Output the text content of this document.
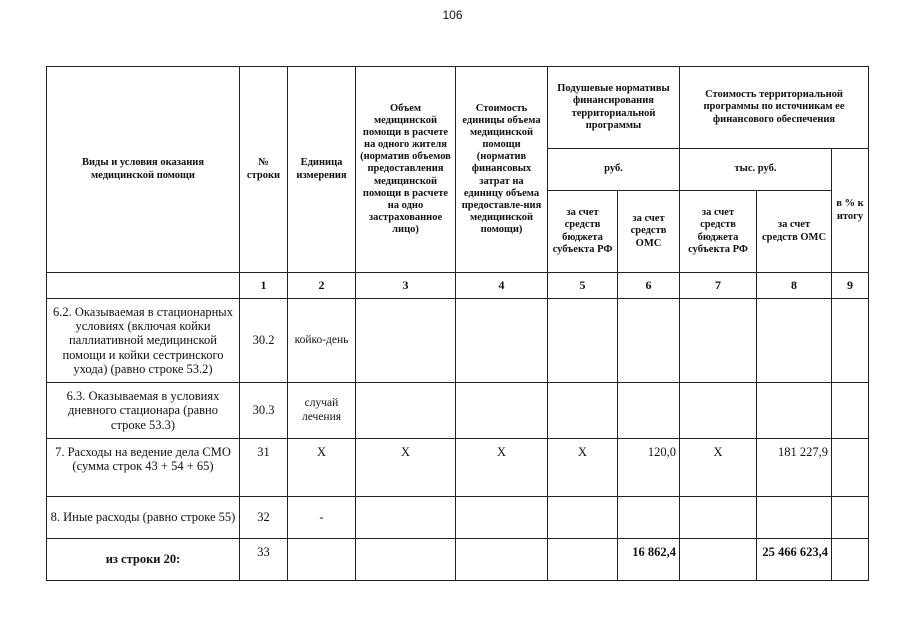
106
Виды и условия оказания медицинской помощи	№ строки	Единица измерения	Объем медицинской помощи в расчете на одного жителя (норматив объемов предоставления медицинской помощи в расчете на одно застрахованное лицо)	Стоимость единицы объема медицинской помощи (норматив финансовых затрат на единицу объема предоставле-ния медицинской помощи)	Подушевые нормативы финансирования территориальной программы		Стоимость территориальной программы по источникам ее финансового обеспечения		
					руб.		тыс. руб.		в % к итогу
					за счет средств бюджета субъекта РФ	за счет средств ОМС	за счет средств бюджета субъекта РФ	за счет средств ОМС	
	1	2	3	4	5	6	7	8	9
6.2. Оказываемая в стационарных условиях (включая койки паллиативной медицинской помощи и койки сестринского ухода) (равно строке 53.2)	30.2	койко-день							
6.3. Оказываемая в условиях дневного стационара (равно строке 53.3)	30.3	случай лечения							
7. Расходы на ведение дела СМО (сумма строк 43 + 54 + 65)	31	Х	Х	Х	Х	120,0	Х	181 227,9	
8. Иные расходы (равно строке 55)	32	-							
из строки 20:	33					16 862,4		25 466 623,4	
